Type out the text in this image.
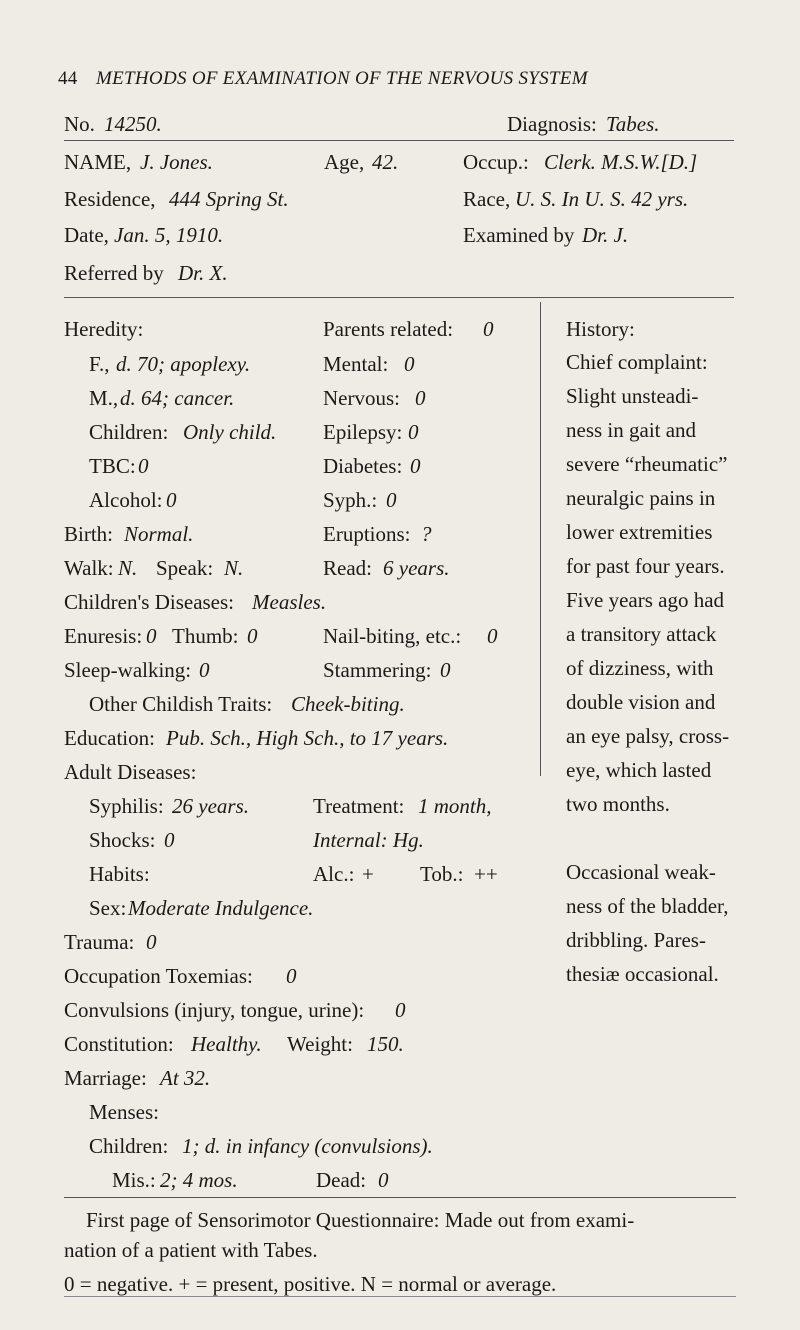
44 METHODS OF EXAMINATION OF THE NERVOUS SYSTEM
No. 14250.	Diagnosis: Tabes.
NAME, J. Jones.	Age, 42.	Occup.: Clerk. M.S.W.[D.]
Residence, 444 Spring St.	Race, U. S. In U. S. 42 yrs.
Date, Jan. 5, 1910.	Examined by Dr. J.
Referred by Dr. X.
Heredity:	Parents related: 0
F., d. 70; apoplexy.	Mental: 0
M., d. 64; cancer.	Nervous: 0
Children: Only child. Epilepsy: 0
TBC: 0	Diabetes: 0
Alcohol: 0	Syph.: 0
Birth: Normal.	Eruptions: ?
Walk: N. Speak: N.	Read: 6 years.
Children's Diseases: Measles.
Enuresis: 0 Thumb: 0	Nail-biting, etc.: 0
Sleep-walking: 0	Stammering: 0
Other Childish Traits: Cheek-biting.
Education: Pub. Sch., High Sch., to 17 years.
Adult Diseases:
Syphilis: 26 years.	Treatment: 1 month,
Shocks: 0	Internal: Hg.
Habits:	Alc.: + Tob.: ++
Sex: Moderate Indulgence.
Trauma: 0
Occupation Toxemias: 0
Convulsions (injury, tongue, urine): 0
Constitution: Healthy. Weight: 150.
Marriage: At 32.
Menses:
Children: 1; d. in infancy (convulsions).
Mis.: 2; 4 mos.	Dead: 0
History:
Chief complaint:
Slight unsteadi-
ness in gait and
severe “rheumatic”
neuralgic pains in
lower extremities
for past four years.
Five years ago had
a transitory attack
of dizziness, with
double vision and
an eye palsy, cross-
eye, which lasted
two months.
Occasional weak-
ness of the bladder,
dribbling. Pares-
thesiæ occasional.
First page of Sensorimotor Questionnaire: Made out from exami-
nation of a patient with Tabes.
0 = negative. + = present, positive. N = normal or average.
